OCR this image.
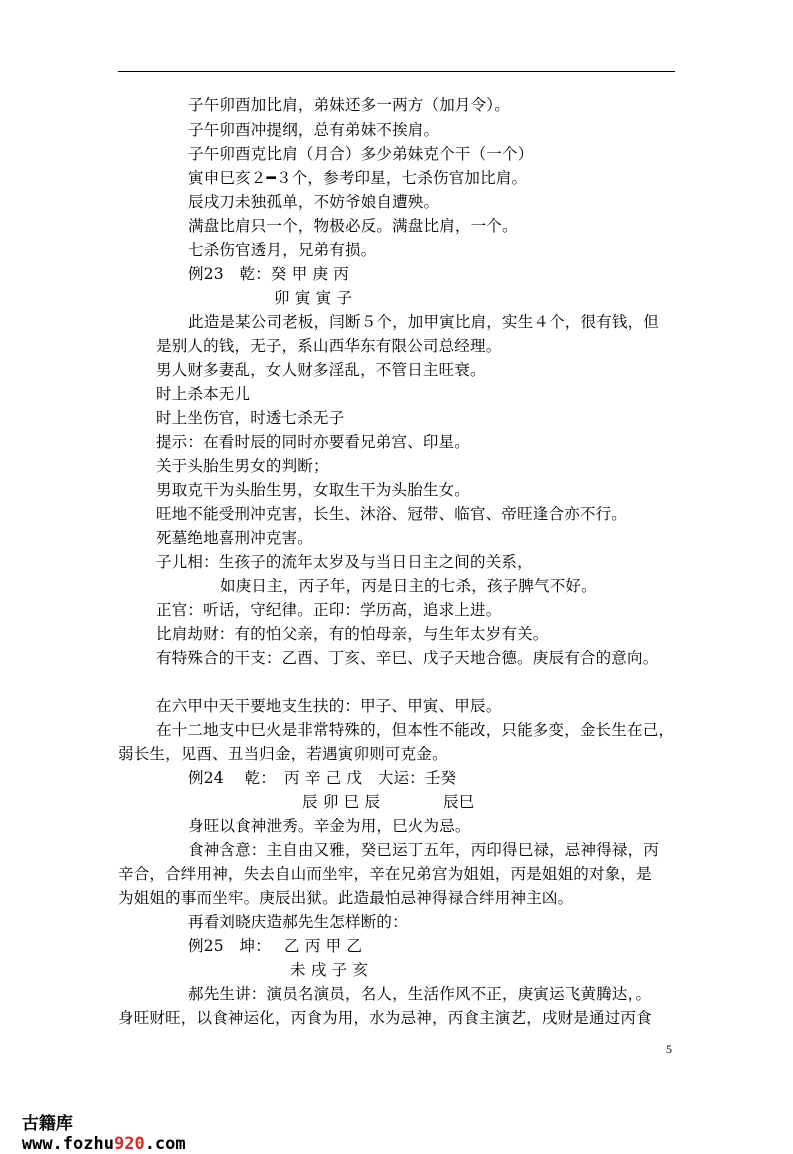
子午卯酉加比肩，弟妹还多一两方（加月令）。
子午卯酉冲提纲，总有弟妹不挨肩。
子午卯酉克比肩（月合）多少弟妹克个干（一个）
寅申巳亥２━３个，参考印星，七杀伤官加比肩。
辰戌刀未独孤单，不妨爷娘自遭殃。
满盘比肩只一个，物极必反。满盘比肩，一个。
七杀伤官透月，兄弟有损。
例23　乾：癸 甲 庚 丙
卯 寅 寅 子
此造是某公司老板，闫断５个，加甲寅比肩，实生４个，很有钱，但
是别人的钱，无子，系山西华东有限公司总经理。
男人财多妻乱，女人财多淫乱，不管日主旺衰。
时上杀本无儿
时上坐伤官，时透七杀无子
提示：在看时辰的同时亦要看兄弟宫、印星。
关于头胎生男女的判断；
男取克干为头胎生男，女取生干为头胎生女。
旺地不能受刑冲克害，长生、沐浴、冠带、临官、帝旺逢合亦不行。
死墓绝地喜刑冲克害。
子儿相：生孩子的流年太岁及与当日日主之间的关系，
如庚日主，丙子年，丙是日主的七杀，孩子脾气不好。
正官：听话，守纪律。正印：学历高，追求上进。
比肩劫财：有的怕父亲，有的怕母亲，与生年太岁有关。
有特殊合的干支：乙酉、丁亥、辛巳、戊子天地合德。庚辰有合的意向。
在六甲中天干要地支生扶的：甲子、甲寅、甲辰。
在十二地支中巳火是非常特殊的，但本性不能改，只能多变，金长生在己，
弱长生，见酉、丑当归金，若遇寅卯则可克金。
例24　 乾：　丙 辛 己 戊　大运：壬癸
辰 卯 巳 辰　　　　辰巳
身旺以食神泄秀。辛金为用，巳火为忌。
食神含意：主自由又雅，癸已运丁五年，丙印得巳禄，忌神得禄，丙
辛合，合绊用神，失去自山而坐牢，辛在兄弟宫为姐姐，丙是姐姐的对象，是
为姐姐的事而坐牢。庚辰出狱。此造最怕忌神得禄合绊用神主凶。
再看刘晓庆造郝先生怎样断的：
例25　坤：　 乙 丙 甲 乙
未 戌 子 亥
郝先生讲：演员名演员，名人，生活作风不正，庚寅运飞黄腾达，。
身旺财旺，以食神运化，丙食为用，水为忌神，丙食主演艺，戌财是通过丙食
5

古籍库
www.fozhu920.com
